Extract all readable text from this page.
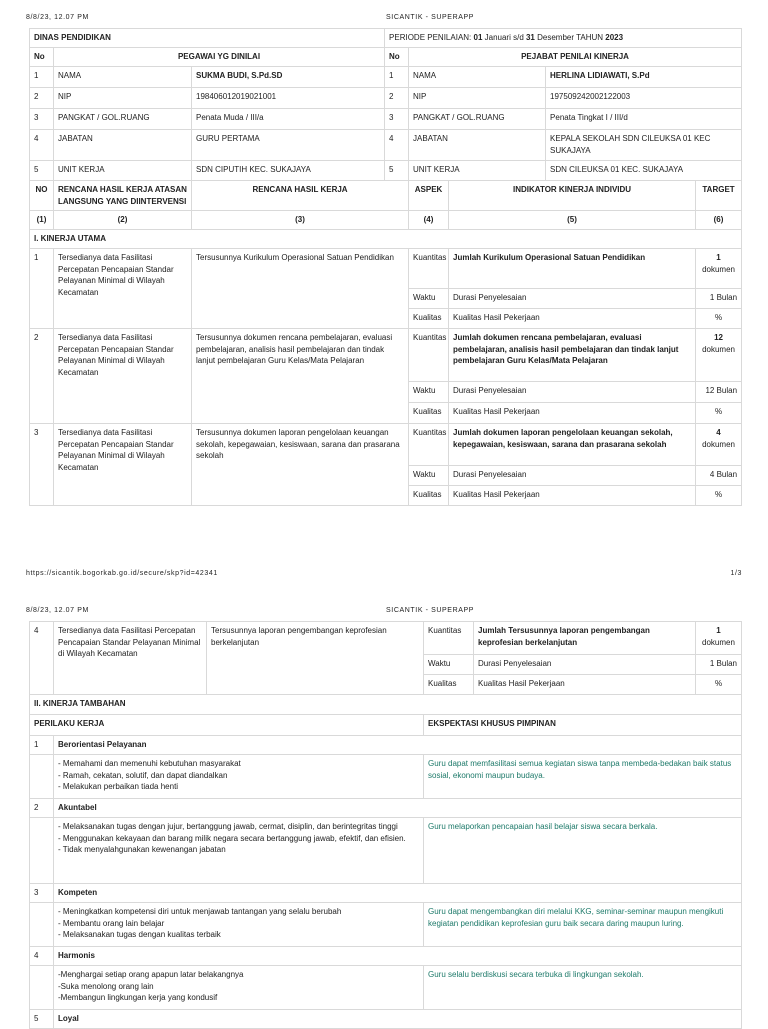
8/8/23, 12.07 PM	SICANTIK - SUPERAPP
DINAS PENDIDIKAN			PERIODE PENILAIAN: 01 Januari s/d 31 Desember TAHUN 2023				
No	PEGAWAI YG DINILAI		No	PEJABAT PENILAI KINERJA			
1	NAMA	SUKMA BUDI, S.Pd.SD	1	NAMA		HERLINA LIDIAWATI, S.Pd	
2	NIP	198406012019021001	2	NIP		197509242002122003	
3	PANGKAT / GOL.RUANG	Penata Muda / III/a	3	PANGKAT / GOL.RUANG		Penata Tingkat I / III/d	
4	JABATAN	GURU PERTAMA	4	JABATAN		KEPALA SEKOLAH SDN CILEUKSA 01 KEC SUKAJAYA	
5	UNIT KERJA	SDN CIPUTIH KEC. SUKAJAYA	5	UNIT KERJA		SDN CILEUKSA 01 KEC. SUKAJAYA	
NO	RENCANA HASIL KERJA ATASAN LANGSUNG YANG DIINTERVENSI	RENCANA HASIL KERJA		ASPEK	INDIKATOR KINERJA INDIVIDU		TARGET
(1)	(2)	(3)		(4)	(5)		(6)
I. KINERJA UTAMA							
1	Tersedianya data Fasilitasi Percepatan Pencapaian Standar Pelayanan Minimal di Wilayah Kecamatan	Tersusunnya Kurikulum Operasional Satuan Pendidikan		Kuantitas	Jumlah Kurikulum Operasional Satuan Pendidikan		1
dokumen
				Waktu	Durasi Penyelesaian		1 Bulan
				Kualitas	Kualitas Hasil Pekerjaan		%
2	Tersedianya data Fasilitasi Percepatan Pencapaian Standar Pelayanan Minimal di Wilayah Kecamatan	Tersusunnya dokumen rencana pembelajaran, evaluasi pembelajaran, analisis hasil pembelajaran dan tindak lanjut pembelajaran Guru Kelas/Mata Pelajaran		Kuantitas	Jumlah dokumen rencana pembelajaran, evaluasi pembelajaran, analisis hasil pembelajaran dan tindak lanjut pembelajaran Guru Kelas/Mata Pelajaran		12
dokumen
				Waktu	Durasi Penyelesaian		12 Bulan
				Kualitas	Kualitas Hasil Pekerjaan		%
3	Tersedianya data Fasilitasi Percepatan Pencapaian Standar Pelayanan Minimal di Wilayah Kecamatan	Tersusunnya dokumen laporan pengelolaan keuangan sekolah, kepegawaian, kesiswaan, sarana dan prasarana sekolah		Kuantitas	Jumlah dokumen laporan pengelolaan keuangan sekolah, kepegawaian, kesiswaan, sarana dan prasarana sekolah		4
dokumen
				Waktu	Durasi Penyelesaian		4 Bulan
				Kualitas	Kualitas Hasil Pekerjaan		%
https://sicantik.bogorkab.go.id/secure/skp?id=42341	1/3
8/8/23, 12.07 PM	SICANTIK - SUPERAPP
4	Tersedianya data Fasilitasi Percepatan Pencapaian Standar Pelayanan Minimal di Wilayah Kecamatan	Tersusunnya laporan pengembangan keprofesian berkelanjutan	Kuantitas	Jumlah Tersusunnya laporan pengembangan keprofesian berkelanjutan	1
dokumen
			Waktu	Durasi Penyelesaian	1 Bulan
			Kualitas	Kualitas Hasil Pekerjaan	%
II. KINERJA TAMBAHAN					
PERILAKU KERJA			EKSPEKTASI KHUSUS PIMPINAN		
1	Berorientasi Pelayanan				

	- Memahami dan memenuhi kebutuhan masyarakat
- Ramah, cekatan, solutif, dan dapat diandalkan
- Melakukan perbaikan tiada henti		Guru dapat memfasilitasi semua kegiatan siswa tanpa membeda-bedakan baik status sosial, ekonomi maupun budaya.		
2	Akuntabel				

	- Melaksanakan tugas dengan jujur, bertanggung jawab, cermat, disiplin, dan berintegritas tinggi
- Menggunakan kekayaan dan barang milik negara secara bertanggung jawab, efektif, dan efisien.
- Tidak menyalahgunakan kewenangan jabatan		Guru melaporkan pencapaian hasil belajar siswa secara berkala.		
3	Kompeten				

	- Meningkatkan kompetensi diri untuk menjawab tantangan yang selalu berubah
- Membantu orang lain belajar
- Melaksanakan tugas dengan kualitas terbaik		Guru dapat mengembangkan diri melalui KKG, seminar-seminar maupun mengikuti kegiatan pendidikan keprofesian guru baik secara daring maupun luring.		
4	Harmonis				

	-Menghargai setiap orang apapun latar belakangnya
-Suka menolong orang lain
-Membangun lingkungan kerja yang kondusif		Guru selalu berdiskusi secara terbuka di lingkungan sekolah.		
5	Loyal				
